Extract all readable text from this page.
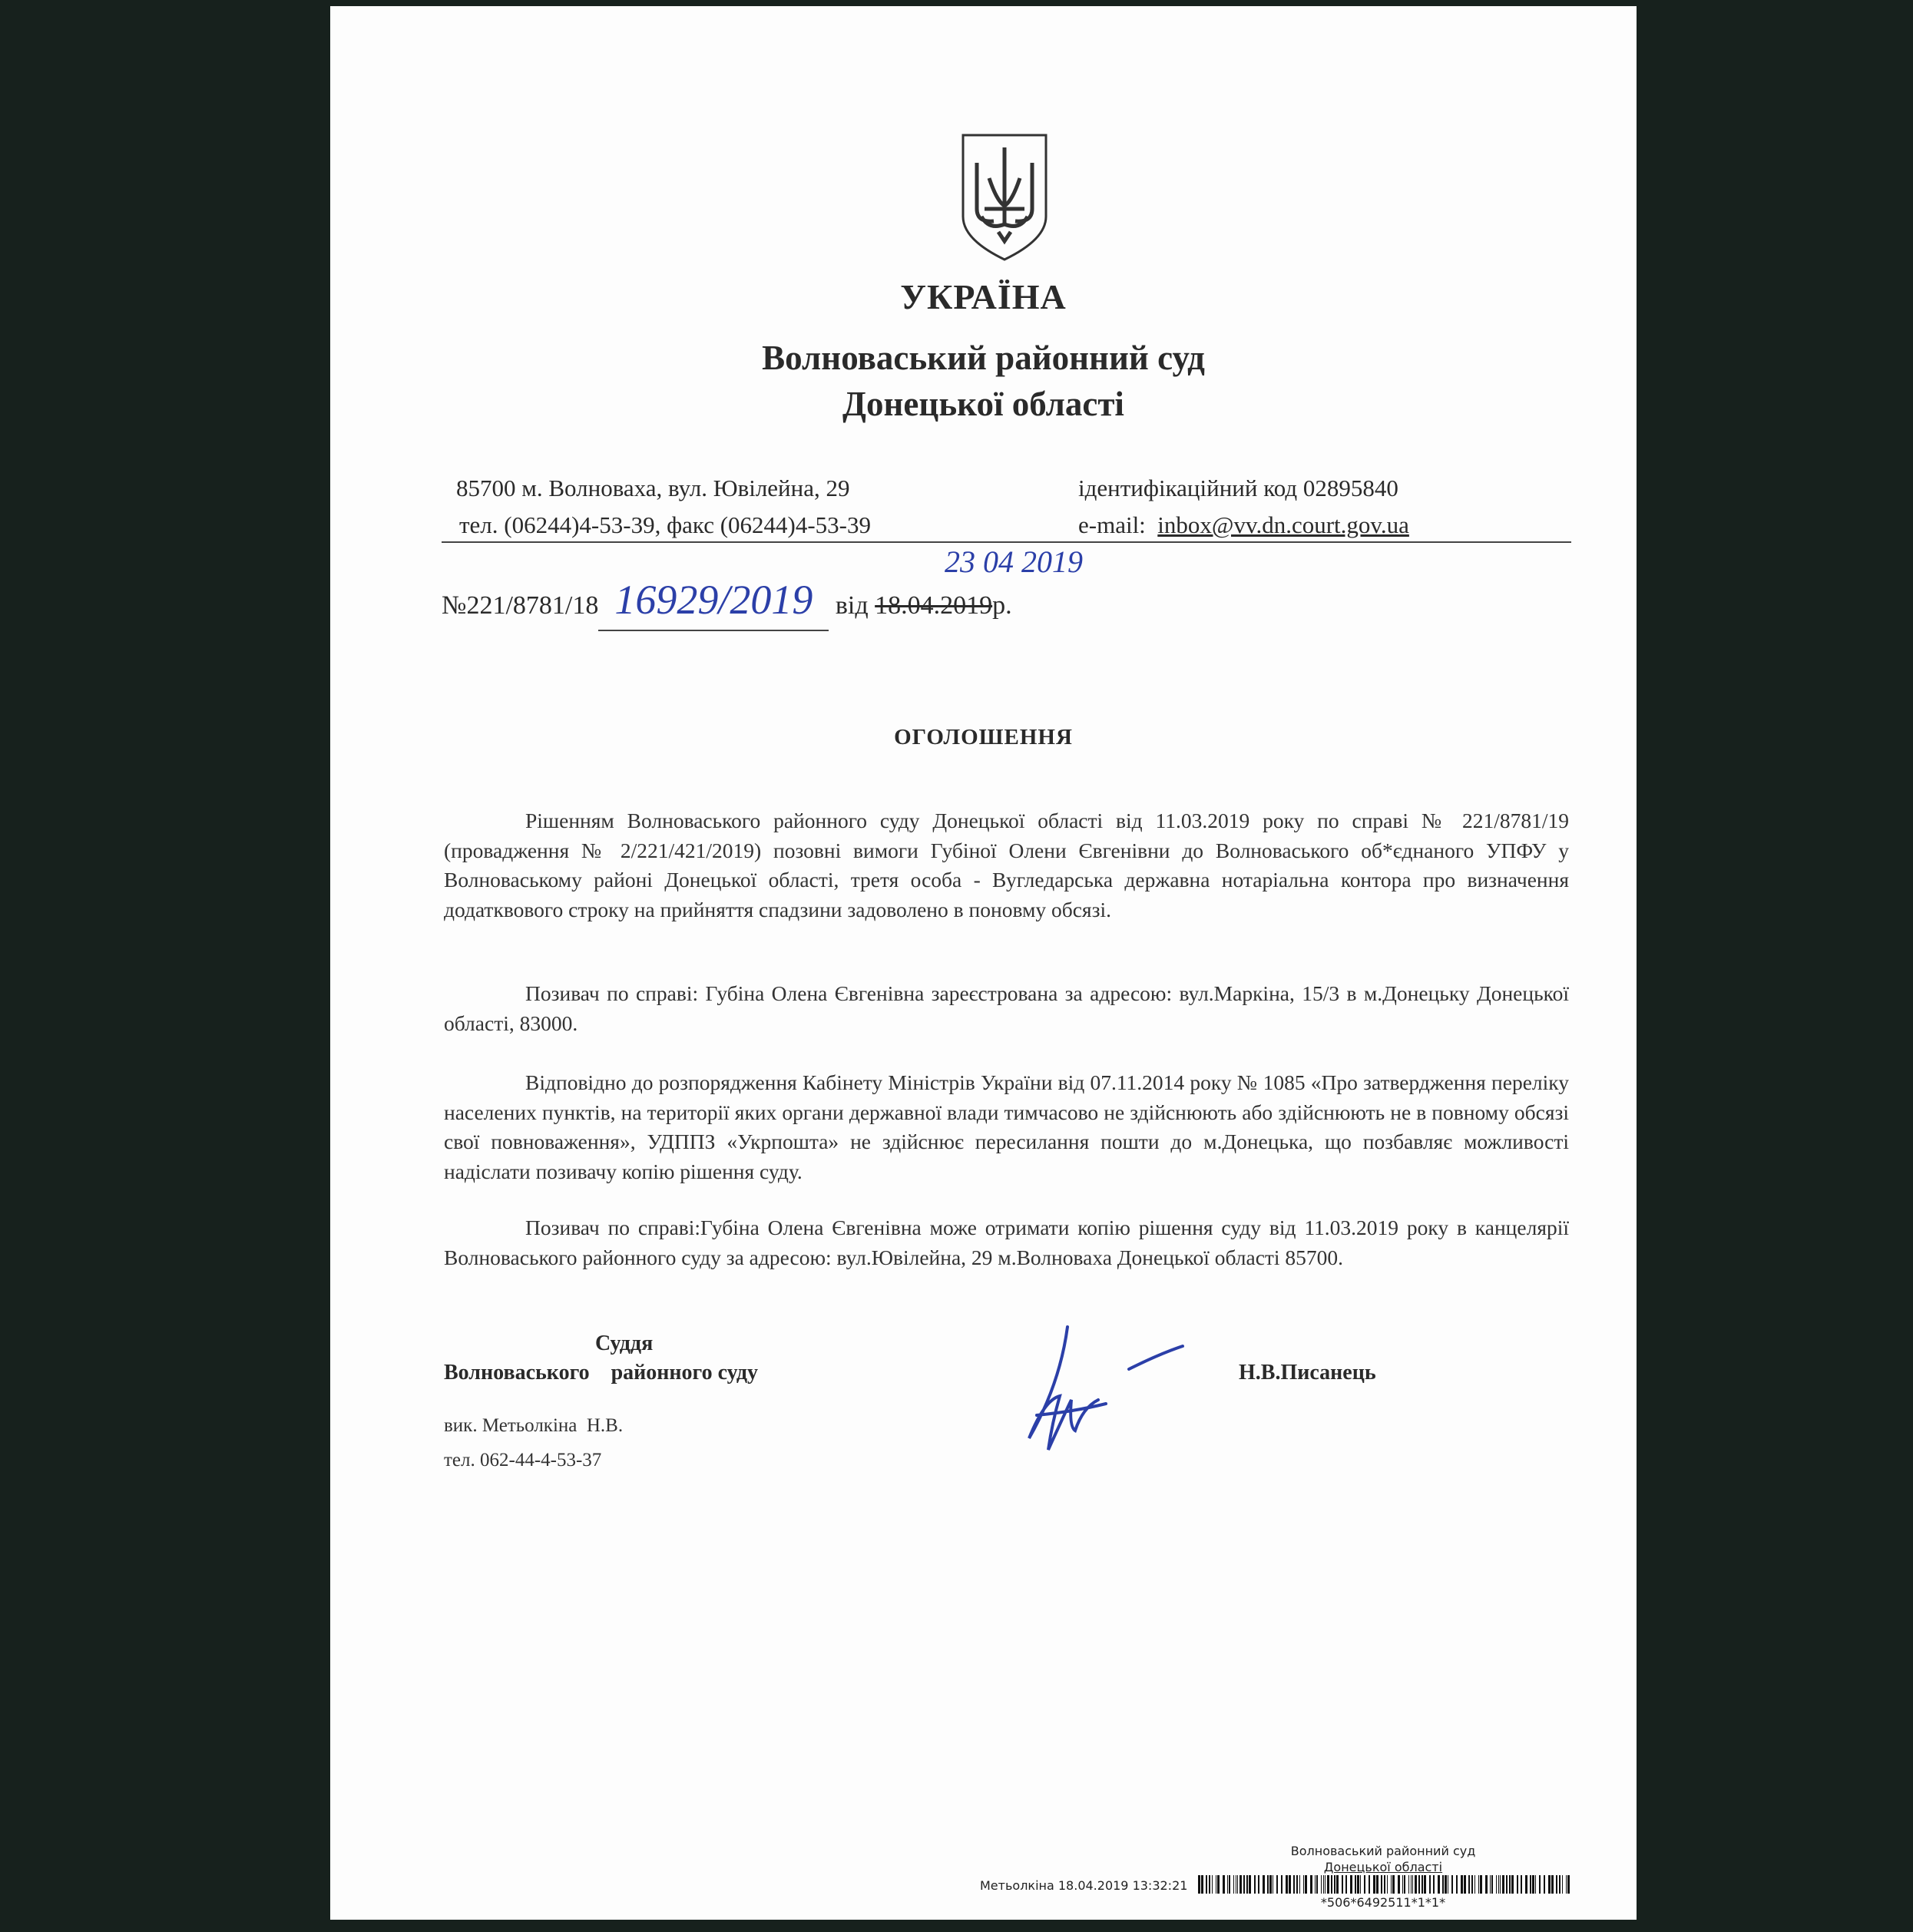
УКРАЇНА
Волноваський районний суд
Донецької області
85700 м. Волноваха, вул. Ювілейна, 29
тел. (06244)4-53-39, факс (06244)4-53-39
ідентифікаційний код 02895840
e-mail: inbox@vv.dn.court.gov.ua
23 04 2019
№221/8781/18 16929/2019 від 18.04.2019р.
ОГОЛОШЕННЯ

Рішенням Волноваського районного суду Донецької області від 11.03.2019 року по справі № 221/8781/19 (провадження № 2/221/421/2019) позовні вимоги Губіної Олени Євгенівни до Волноваського об*єднаного УПФУ у Волноваському районі Донецької області, третя особа - Вугледарська державна нотаріальна контора про визначення додатквового строку на прийняття спадзини задоволено в поновму обсязі.

Позивач по справі: Губіна Олена Євгенівна зареєстрована за адресою: вул.Маркіна, 15/3 в м.Донецьку Донецької області, 83000.

Відповідно до розпорядження Кабінету Міністрів України від 07.11.2014 року № 1085 «Про затвердження переліку населених пунктів, на території яких органи державної влади тимчасово не здійснюють або здійснюють не в повному обсязі свої повноваження», УДППЗ «Укрпошта» не здійснює пересилання пошти до м.Донецька, що позбавляє можливості надіслати позивачу копію рішення суду.

Позивач по справі:Губіна Олена Євгенівна може отримати копію рішення суду від 11.03.2019 року в канцелярії Волноваського районного суду за адресою: вул.Ювілейна, 29 м.Волноваха Донецької області 85700.

Суддя
Волноваського    районного суду	Н.В.Писанець
вик. Метьолкіна  Н.В.
тел. 062-44-4-53-37
Волноваський районний суд
Донецької області
Метьолкіна 18.04.2019 13:32:21
*506*6492511*1*1*
